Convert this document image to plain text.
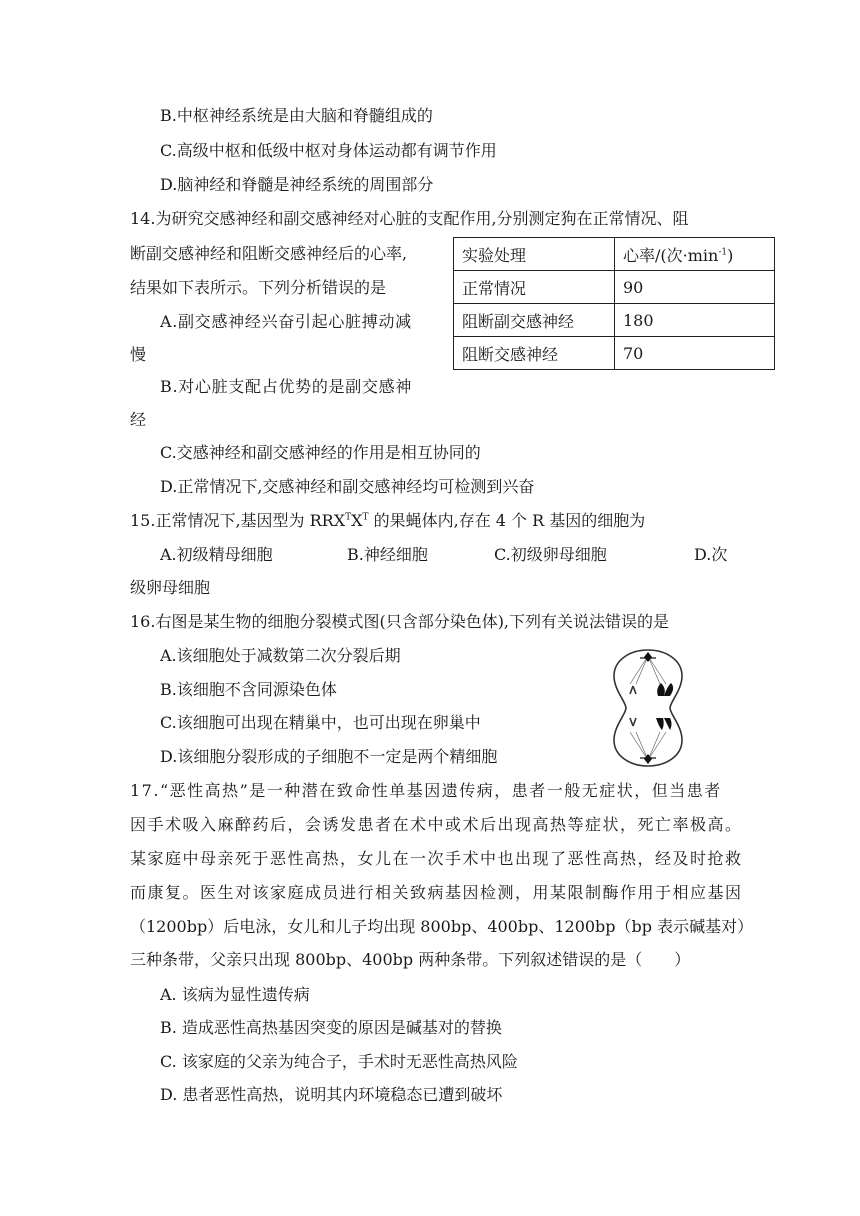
B.中枢神经系统是由大脑和脊髓组成的
C.高级中枢和低级中枢对身体运动都有调节作用
D.脑神经和脊髓是神经系统的周围部分
14.为研究交感神经和副交感神经对心脏的支配作用,分别测定狗在正常情况、阻
断副交感神经和阻断交感神经后的心率,
结果如下表所示。下列分析错误的是
A.副交感神经兴奋引起心脏搏动减
慢
B.对心脏支配占优势的是副交感神
经
C.交感神经和副交感神经的作用是相互协同的
D.正常情况下,交感神经和副交感神经均可检测到兴奋
实验处理	心率/(次$\cdot\min^{-1}$)
正常情况	90
阻断副交感神经	180
阻断交感神经	70
15.正常情况下,基因型为 $RRX^TX^T$ 的果蝇体内,存在 4 个 R 基因的细胞为
A.初级精母细胞	B.神经细胞	C.初级卵母细胞	D.次
级卵母细胞
16.右图是某生物的细胞分裂模式图(只含部分染色体),下列有关说法错误的是
A.该细胞处于减数第二次分裂后期
B.该细胞不含同源染色体
C.该细胞可出现在精巢中，也可出现在卵巢中
D.该细胞分裂形成的子细胞不一定是两个精细胞
17.“恶性高热”是一种潜在致命性单基因遗传病，患者一般无症状，但当患者
因手术吸入麻醉药后，会诱发患者在术中或术后出现高热等症状，死亡率极高。
某家庭中母亲死于恶性高热，女儿在一次手术中也出现了恶性高热，经及时抢救
而康复。医生对该家庭成员进行相关致病基因检测，用某限制酶作用于相应基因
（1200bp）后电泳，女儿和儿子均出现 800bp、400bp、1200bp（bp 表示碱基对）
三种条带，父亲只出现 800bp、400bp 两种条带。下列叙述错误的是（　　）
A. 该病为显性遗传病
B. 造成恶性高热基因突变的原因是碱基对的替换
C. 该家庭的父亲为纯合子，手术时无恶性高热风险
D. 患者恶性高热，说明其内环境稳态已遭到破坏
